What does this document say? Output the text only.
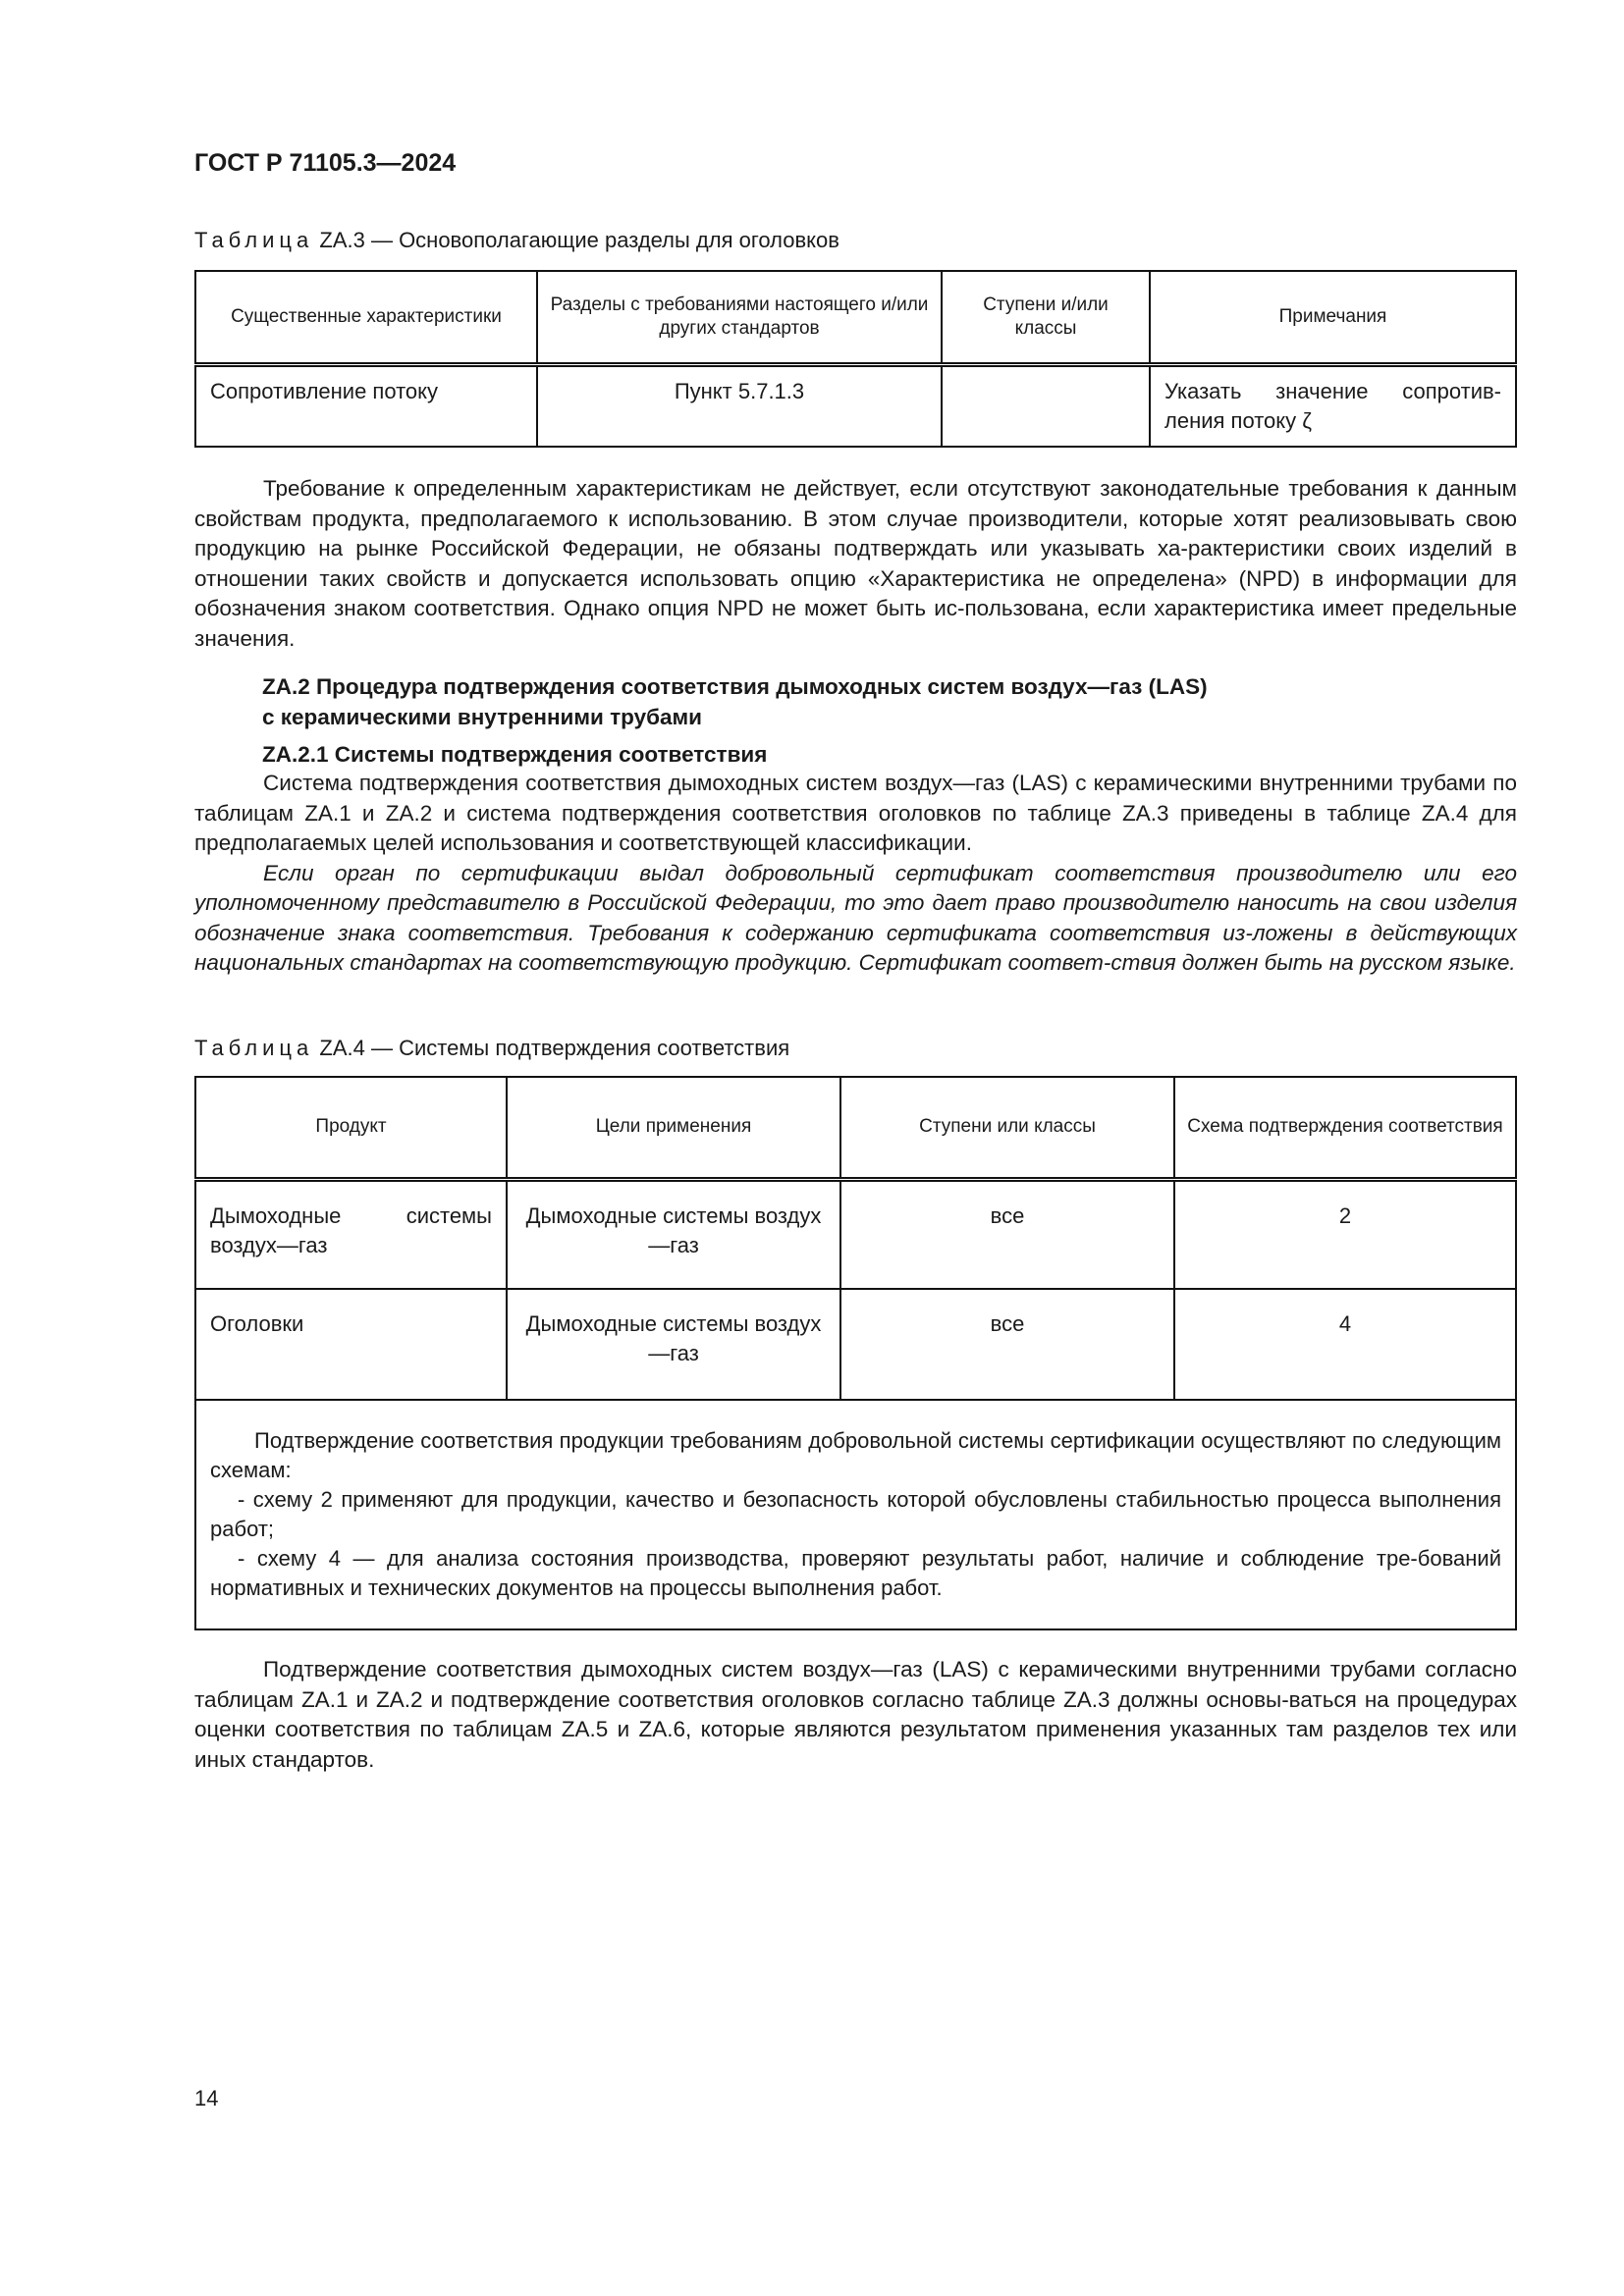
ГОСТ Р 71105.3—2024
Таблица ZA.3 — Основополагающие разделы для оголовков
Существенные характеристики	Разделы с требованиями настоящего и/или других стандартов	Ступени и/или классы	Примечания
Сопротивление потоку	Пункт 5.7.1.3		Указать значение сопротив-ления потоку ζ

Требование к определенным характеристикам не действует, если отсутствуют законодательные требования к данным свойствам продукта, предполагаемого к использованию. В этом случае производители, которые хотят реализовывать свою продукцию на рынке Российской Федерации, не обязаны подтверждать или указывать ха-рактеристики своих изделий в отношении таких свойств и допускается использовать опцию «Характеристика не определена» (NPD) в информации для обозначения знаком соответствия. Однако опция NPD не может быть ис-пользована, если характеристика имеет предельные значения.

ZA.2 Процедура подтверждения соответствия дымоходных систем воздух—газ (LAS)
с керамическими внутренними трубами
ZA.2.1 Системы подтверждения соответствия

Система подтверждения соответствия дымоходных систем воздух—газ (LAS) с керамическими внутренними трубами по таблицам ZA.1 и ZA.2 и система подтверждения соответствия оголовков по таблице ZA.3 приведены в таблице ZA.4 для предполагаемых целей использования и соответствующей классификации.

Если орган по сертификации выдал добровольный сертификат соответствия производителю или его уполномоченному представителю в Российской Федерации, то это дает право производителю наносить на свои изделия обозначение знака соответствия. Требования к содержанию сертификата соответствия из-ложены в действующих национальных стандартах на соответствующую продукцию. Сертификат соответ-ствия должен быть на русском языке.

Таблица ZA.4 — Системы подтверждения соответствия
Продукт	Цели применения	Ступени или классы	Схема подтверждения соответствия
Дымоходные системы воздух—газ	Дымоходные системы воздух—газ	все	2
Оголовки	Дымоходные системы воздух—газ	все	4

Подтверждение соответствия продукции требованиям добровольной системы сертификации осуществляют по следующим схемам:

- схему 2 применяют для продукции, качество и безопасность которой обусловлены стабильностью процесса выполнения работ;

- схему 4 — для анализа состояния производства, проверяют результаты работ, наличие и соблюдение тре-бований нормативных и технических документов на процессы выполнения работ.			

Подтверждение соответствия дымоходных систем воздух—газ (LAS) с керамическими внутренними трубами согласно таблицам ZA.1 и ZA.2 и подтверждение соответствия оголовков согласно таблице ZA.3 должны основы-ваться на процедурах оценки соответствия по таблицам ZA.5 и ZA.6, которые являются результатом применения указанных там разделов тех или иных стандартов.

14
